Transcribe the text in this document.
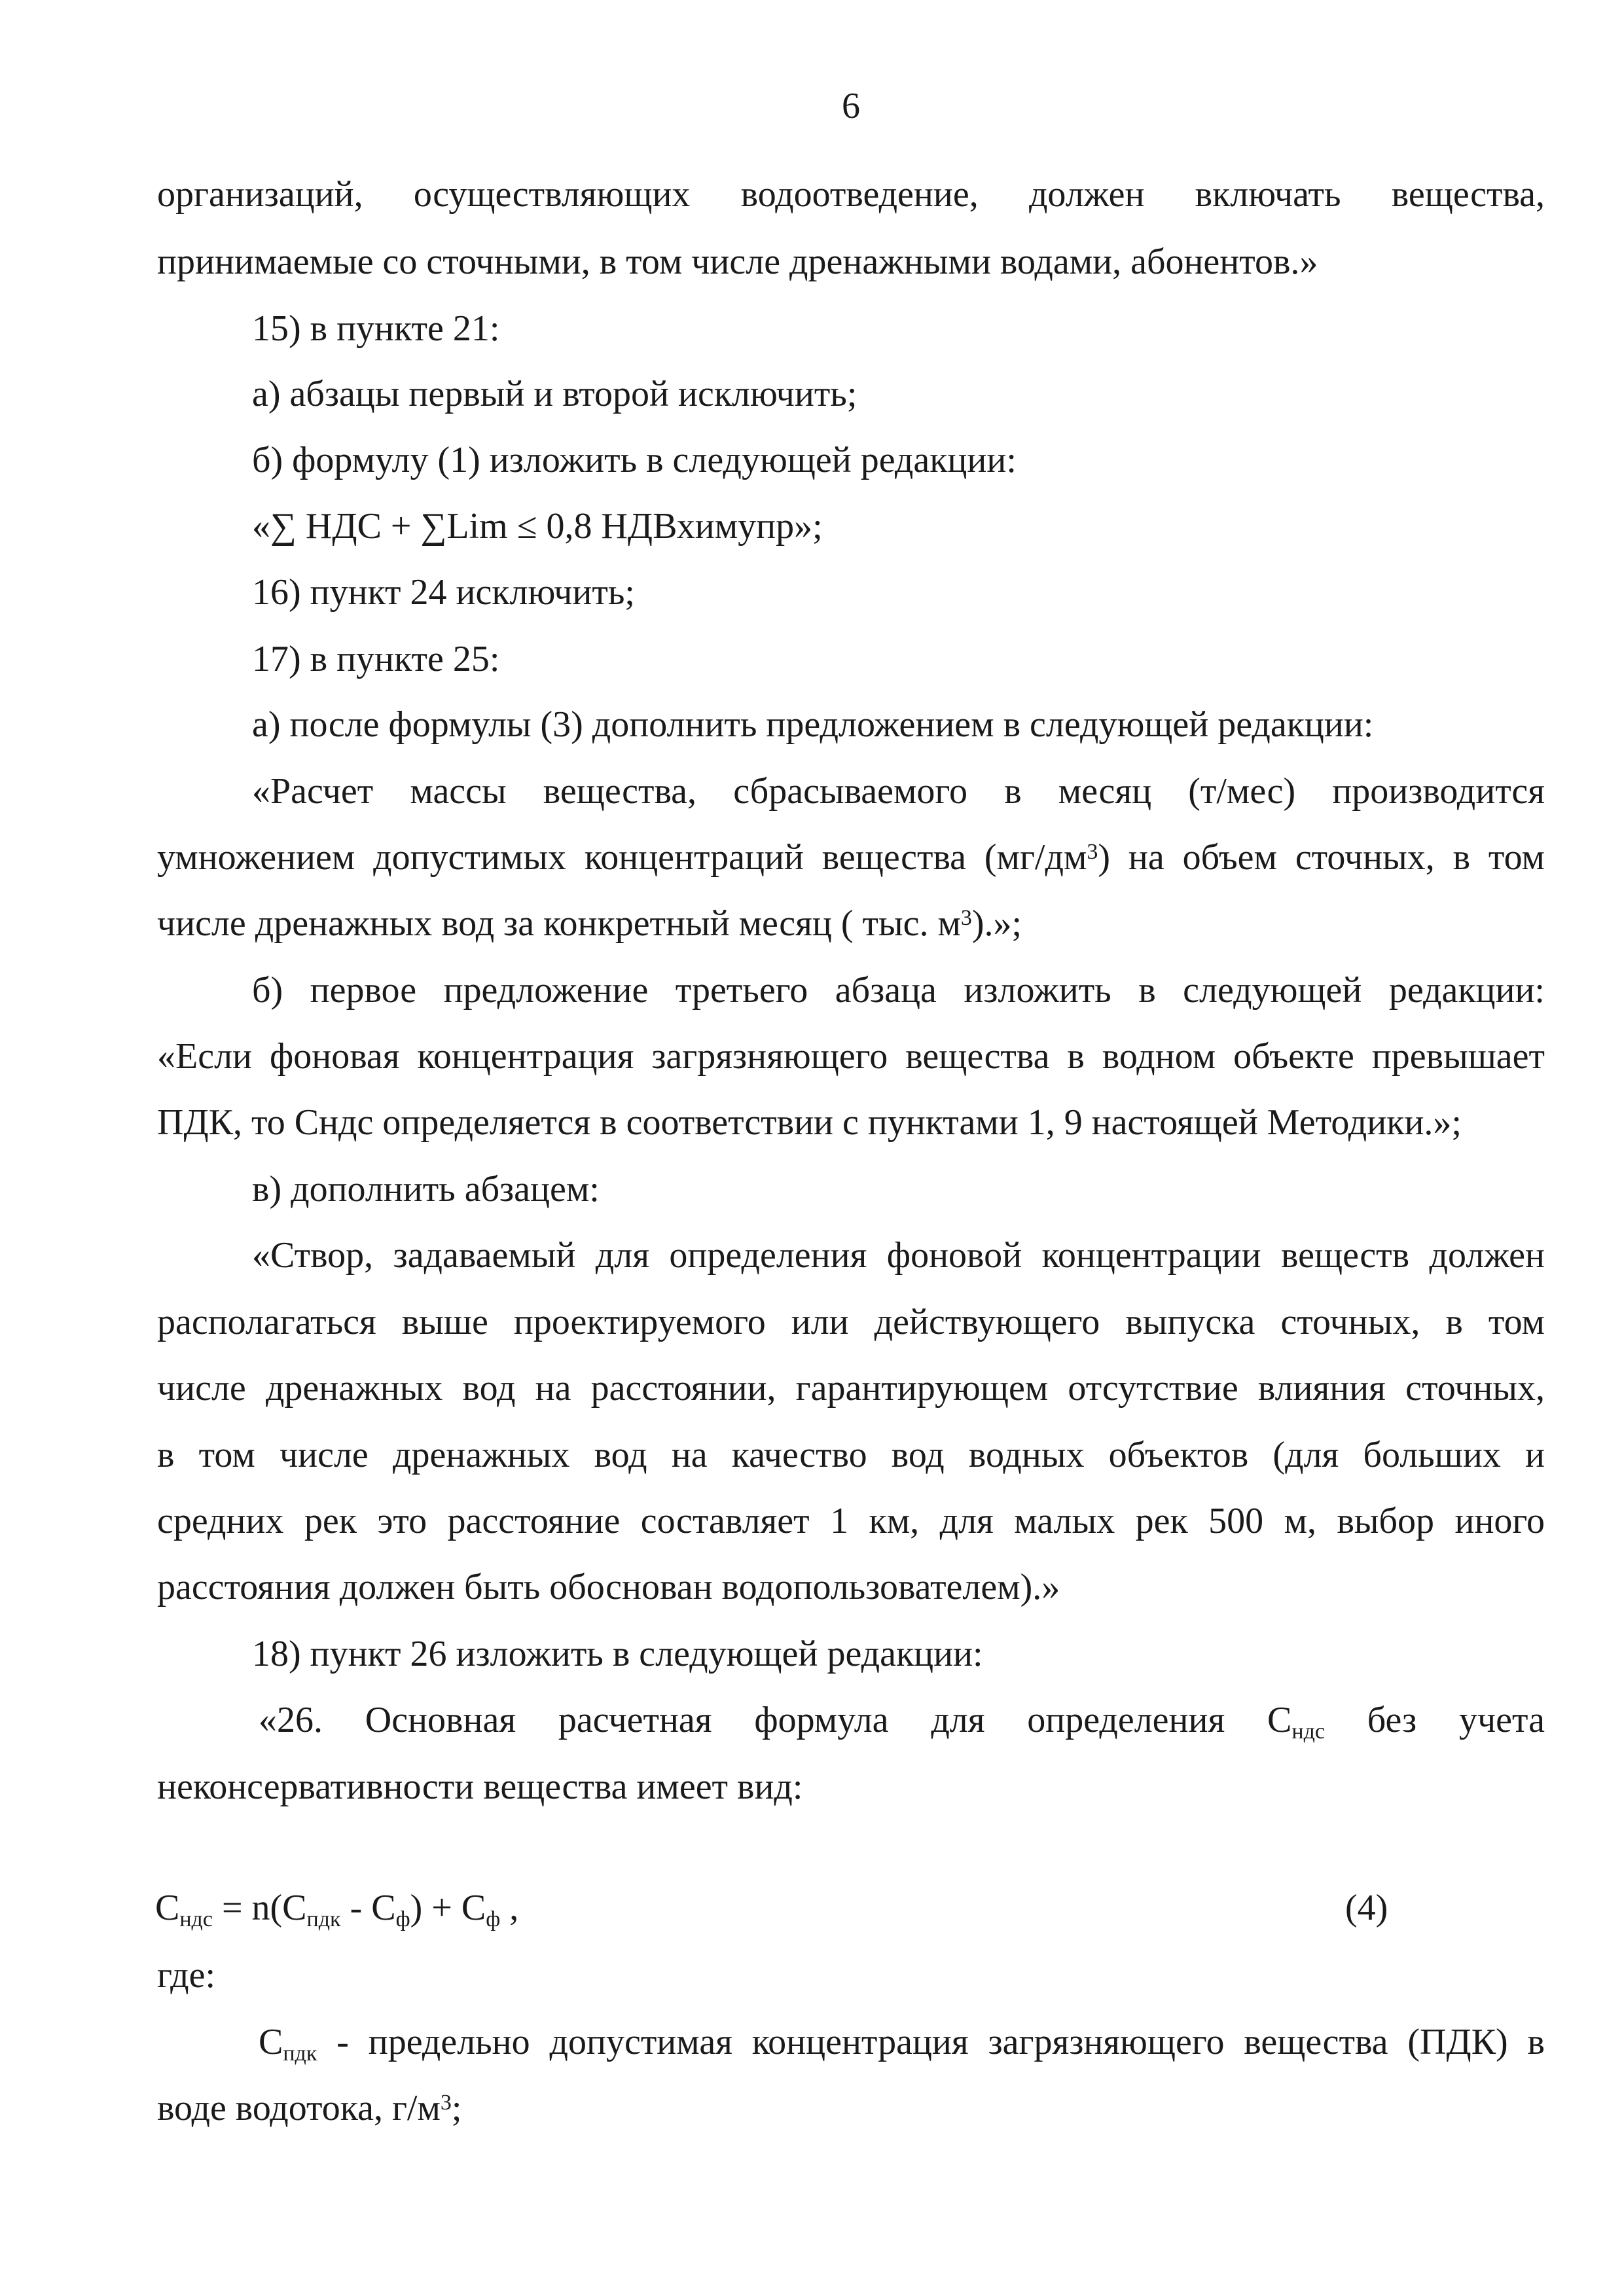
6
организаций, осуществляющих водоотведение, должен включать вещества,
принимаемые со сточными, в том числе дренажными водами, абонентов.»
15) в пункте 21:
а) абзацы первый и второй исключить;
б) формулу (1) изложить в следующей редакции:
«∑ НДС + ∑Lim ≤ 0,8 НДВхимупр»;
16) пункт 24 исключить;
17) в пункте 25:
а) после формулы (3) дополнить предложением в следующей редакции:
«Расчет массы вещества, сбрасываемого в месяц (т/мес) производится
умножением допустимых концентраций вещества $(мг/дм^3)$ на объем сточных, в том
числе дренажных вод за конкретный месяц ( тыс. $м^3$).»;
б) первое предложение третьего абзаца изложить в следующей редакции:
«Если фоновая концентрация загрязняющего вещества в водном объекте превышает
ПДК, то Сндс определяется в соответствии с пунктами 1, 9 настоящей Методики.»;
в) дополнить абзацем:
«Створ, задаваемый для определения фоновой концентрации веществ должен
располагаться выше проектируемого или действующего выпуска сточных, в том
числе дренажных вод на расстоянии, гарантирующем отсутствие влияния сточных,
в том числе дренажных вод на качество вод водных объектов (для больших и
средних рек это расстояние составляет 1 км, для малых рек 500 м, выбор иного
расстояния должен быть обоснован водопользователем).»
18) пункт 26 изложить в следующей редакции:
«26. Основная расчетная формула для определения $С_{ндс}$ без учета
неконсервативности вещества имеет вид:
$С_{ндс} = n(С_{пдк} - С_ф) + С_ф$ ,	(4)
где:
$С_{пдк}$ - предельно допустимая концентрация загрязняющего вещества (ПДК) в
воде водотока, $г/м^3$;
